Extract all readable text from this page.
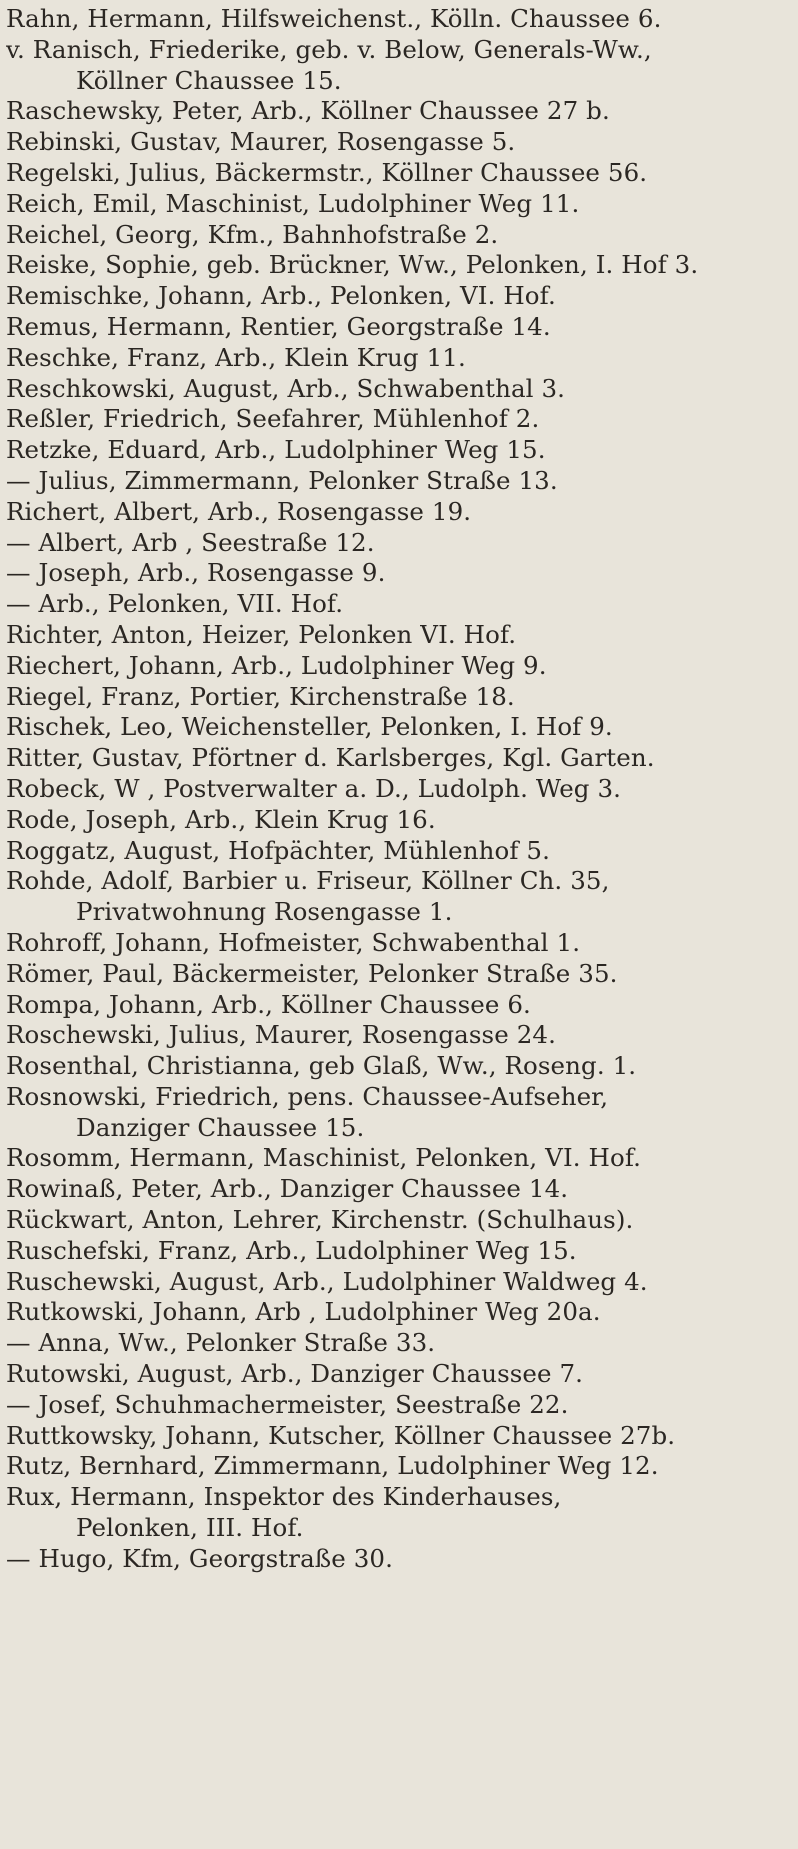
Rahn, Hermann, Hilfsweichenst., Kölln. Chaussee 6.
v. Ranisch, Friederike, geb. v. Below, Generals-Ww.,
Köllner Chaussee 15.
Raschewsky, Peter, Arb., Köllner Chaussee 27 b.
Rebinski, Gustav, Maurer, Rosengasse 5.
Regelski, Julius, Bäckermstr., Köllner Chaussee 56.
Reich, Emil, Maschinist, Ludolphiner Weg 11.
Reichel, Georg, Kfm., Bahnhofstraße 2.
Reiske, Sophie, geb. Brückner, Ww., Pelonken, I. Hof 3.
Remischke, Johann, Arb., Pelonken, VI. Hof.
Remus, Hermann, Rentier, Georgstraße 14.
Reschke, Franz, Arb., Klein Krug 11.
Reschkowski, August, Arb., Schwabenthal 3.
Reßler, Friedrich, Seefahrer, Mühlenhof 2.
Retzke, Eduard, Arb., Ludolphiner Weg 15.
— Julius, Zimmermann, Pelonker Straße 13.
Richert, Albert, Arb., Rosengasse 19.
— Albert, Arb , Seestraße 12.
— Joseph, Arb., Rosengasse 9.
— Arb., Pelonken, VII. Hof.
Richter, Anton, Heizer, Pelonken VI. Hof.
Riechert, Johann, Arb., Ludolphiner Weg 9.
Riegel, Franz, Portier, Kirchenstraße 18.
Rischek, Leo, Weichensteller, Pelonken, I. Hof 9.
Ritter, Gustav, Pförtner d. Karlsberges, Kgl. Garten.
Robeck, W , Postverwalter a. D., Ludolph. Weg 3.
Rode, Joseph, Arb., Klein Krug 16.
Roggatz, August, Hofpächter, Mühlenhof 5.
Rohde, Adolf, Barbier u. Friseur, Köllner Ch. 35,
Privatwohnung Rosengasse 1.
Rohroff, Johann, Hofmeister, Schwabenthal 1.
Römer, Paul, Bäckermeister, Pelonker Straße 35.
Rompa, Johann, Arb., Köllner Chaussee 6.
Roschewski, Julius, Maurer, Rosengasse 24.
Rosenthal, Christianna, geb Glaß, Ww., Roseng. 1.
Rosnowski, Friedrich, pens. Chaussee-Aufseher,
Danziger Chaussee 15.
Rosomm, Hermann, Maschinist, Pelonken, VI. Hof.
Rowinaß, Peter, Arb., Danziger Chaussee 14.
Rückwart, Anton, Lehrer, Kirchenstr. (Schulhaus).
Ruschefski, Franz, Arb., Ludolphiner Weg 15.
Ruschewski, August, Arb., Ludolphiner Waldweg 4.
Rutkowski, Johann, Arb , Ludolphiner Weg 20a.
— Anna, Ww., Pelonker Straße 33.
Rutowski, August, Arb., Danziger Chaussee 7.
— Josef, Schuhmachermeister, Seestraße 22.
Ruttkowsky, Johann, Kutscher, Köllner Chaussee 27b.
Rutz, Bernhard, Zimmermann, Ludolphiner Weg 12.
Rux, Hermann, Inspektor des Kinderhauses,
Pelonken, III. Hof.
— Hugo, Kfm, Georgstraße 30.
